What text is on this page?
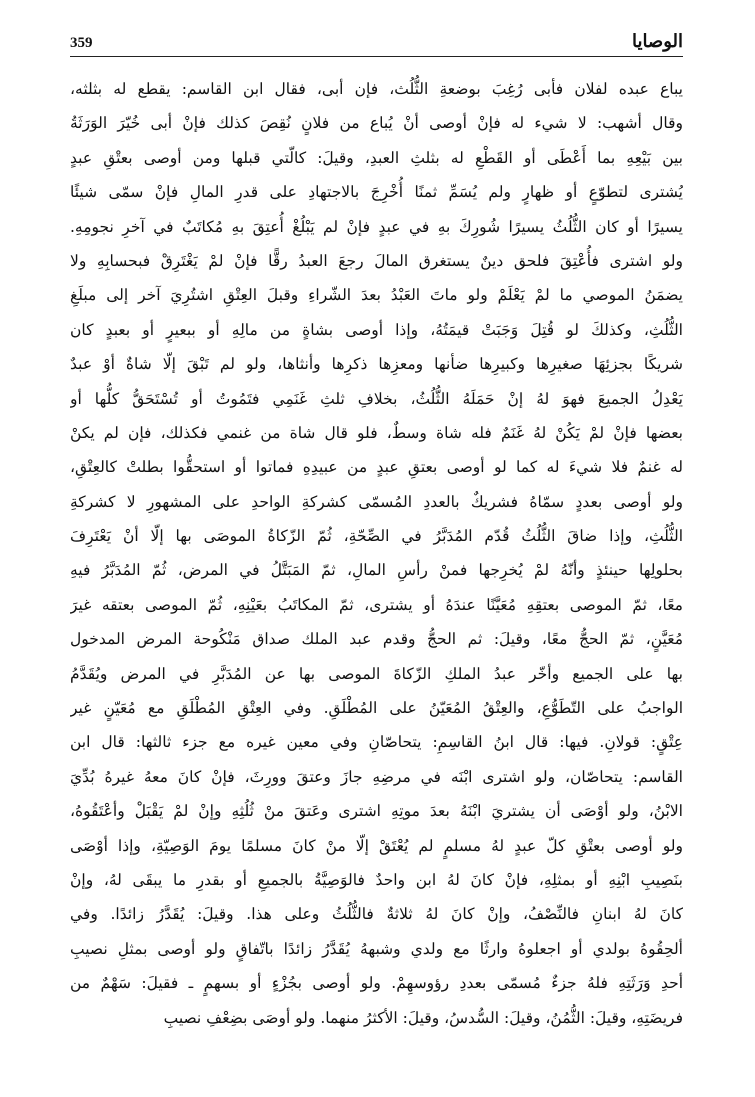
الوصايا
359
يباع عبده لفلان فأبى رُغِبَ بوضعةِ الثُّلُث، فإن أبى، فقال ابن القاسم: يقطع له بثلثه،
وقال أشهب: لا شيء له فإنْ أوصى أنْ يُباع من فلانٍ نُقِصَ كذلك فإنْ أبى خُيّرَ الوَرَثَةُ
بين بَيْعِهِ بما أَعْطَى أو القَطْعِ له بثلثِ العبدِ، وقيلَ: كالّتي قبلها ومن أوصى بعتْقِ عبدٍ
يُشترى لتطوّعٍ أو ظهارٍ ولم يُسَمِّ ثمنًا أُخْرِجَ بالاجتهادِ على قدرِ المالِ فإنْ سمّى شيئًا
يسيرًا أو كان الثُّلُثُ يسيرًا شُورِكَ بهِ في عبدٍ فإنْ لم يَبْلُغْ أُعتِقَ بهِ مُكاتَبٌ في آخرِ نجومِهِ.
ولو اشترى فأُعْتِقَ فلحق دينٌ يستغرق المالَ رجعَ العبدُ رقًّا فإنْ لمْ يَغْتَرِقْ فبحسابِهِ ولا
يضمَنُ الموصي ما لمْ يَعْلَمْ ولو ماتَ العَبْدُ بعدَ الشّراءِ وقبلَ العِتْقِ اشتُرِيَ آخر إلى مبلَغِ
الثُّلُثِ، وكذلكَ لو قُتِلَ وَجَبَتْ قيمَتُهُ، وإذا أوصى بشاةٍ من مالِهِ أو ببعيرٍ أو بعبدٍ كان
شريكًا بجزئِهَا صغيرِها وكبيرِها ضأنها ومعزِها ذكرِها وأنثاها، ولو لم تَبْقَ إلّا شاةٌ أوْ عبدٌ
يَعْدِلُ الجميعَ فهوَ لهُ إنْ حَمَلَهُ الثُّلُثُ، بخلافِ ثلثِ غَنَمِي فتَمُوتُ أو تُسْتَحَقُّ كلُّها أو
بعضها فإنْ لمْ يَكُنْ لهُ غَنَمٌ فله شاة وسطٌ، فلو قال شاة من غنمي فكذلك، فإن لم يكنْ
له غنمٌ فلا شيءَ له كما لو أوصى بعتقِ عبدٍ من عبيدِهِ فماتوا أو استحقُّوا بطلتْ كالعِتْقِ،
ولو أوصى بعددٍ سمّاهُ فشريكٌ بالعددِ المُسمّى كشركةِ الواحدِ على المشهورِ لا كشركةِ
الثُّلُثِ، وإذا ضاقَ الثُّلُثُ قُدّم المُدَبَّرُ في الصِّحّةِ، ثُمّ الزّكاةُ الموصَى بها إلّا أنْ يَعْتَرِفَ
بحلولِها حينئذٍ وأنّهُ لمْ يُخرِجها فمنْ رأسِ المالِ، ثمّ المَبَتَّلُ في المرض، ثُمّ المُدَبَّرُ فيهِ
معًا، ثمّ الموصى بعتقِهِ مُعَيَّنًا عندَهُ أو يشترى، ثمّ المكاتَبُ بعَيْنِهِ، ثُمّ الموصى بعتقه غيرَ
مُعَيَّنٍ، ثمّ الحجُّ معًا، وقيلَ: ثم الحجُّ وقدم عبد الملك صداق مَنْكُوحة المرض المدخول
بها على الجميع وأخّر عبدُ الملكِ الزّكاةَ الموصى بها عن المُدَبَّرِ في المرض ويُقَدَّمُ
الواجبُ على التّطَوُّعِ، والعِتْقُ المُعَيّنُ على المُطْلَقِ. وفي العِتْقِ المُطْلَقِ مع مُعَيّنٍ غير
عِتْقٍ: قولانِ. فيها: قال ابنُ القاسِمِ: يتحاصّانِ وفي معين غيره مع جزء ثالثها: قال ابن
القاسم: يتحاصّان، ولو اشترى ابْنَه في مرضِهِ جازَ وعتقَ وورِثَ، فإنْ كانَ معهُ غيرهُ بُدِّيَ
الابْنُ، ولو أوْصَى أن يشتريَ ابْنَهُ بعدَ موتِهِ اشترى وعَتقَ منْ ثُلُثِهِ وإنْ لمْ يَقْبَلْ وأعْتَقُوهُ،
ولو أوصى بعتْقِ كلّ عبدٍ لهُ مسلمٍ لم يُعْتَقْ إلّا منْ كانَ مسلمًا يومَ الوَصِيّةِ، وإذا أوْصَى
بنَصِيبِ ابْنِهِ أو بمثلِهِ، فإنْ كانَ لهُ ابن واحدٌ فالوَصِيَّةُ بالجميعِ أو بقدرِ ما يبقَى لهُ، وإنْ
كانَ لهُ ابنانِ فالنِّصْفُ، وإنْ كانَ لهُ ثلاثةٌ فالثُّلُثُ وعلى هذا. وقيلَ: يُقَدَّرُ زائدًا. وفي
ألحِقُوهُ بولدي أو اجعلوهُ وارثًا مع ولدي وشبههُ يُقَدَّرُ زائدًا باتّفاقٍ ولو أوصى بمثلِ نصيبِ
أحدِ وَرَثَتِهِ فلهُ جزءٌ مُسمّى بعددِ رؤوسهِمْ. ولو أوصى بجُزْءٍ أو بسهمٍ ـ فقيلَ: سَهْمٌ من
فريضَتِهِ، وقيلَ: الثُّمُنُ، وقيلَ: السُّدسُ، وقيلَ: الأكثرُ منهما. ولو أوصَى بضِعْفِ نصيبِ
